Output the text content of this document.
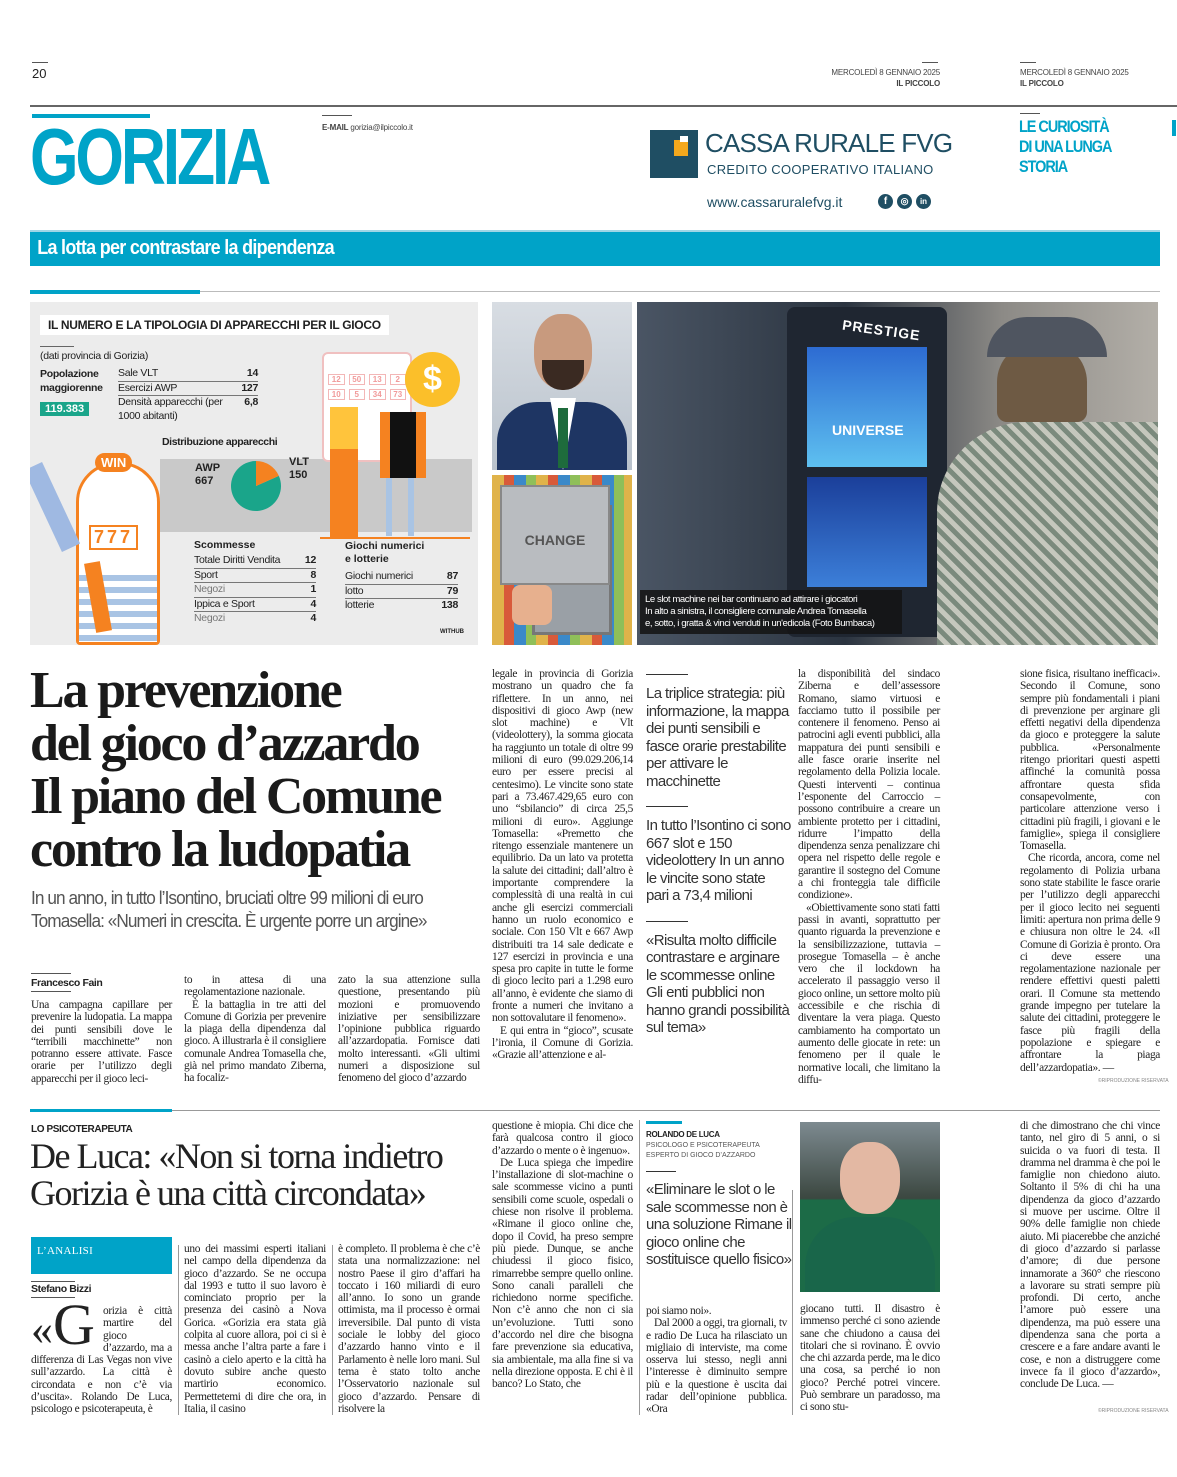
20	MERCOLEDÌ 8 GENNAIO 2025
IL PICCOLO
MERCOLEDÌ 8 GENNAIO 2025
IL PICCOLO
GORIZIA	E-MAIL gorizia@ilpiccolo.it
CASSA RURALE FVG
CREDITO COOPERATIVO ITALIANO
www.cassaruralefvg.it	f	◎	in
LE CURIOSITÀ
DI UNA LUNGA STORIA
La lotta per contrastare la dipendenza
IL NUMERO E LA TIPOLOGIA DI APPARECCHI PER IL GIOCO
(dati provincia di Gorizia)
Popolazione maggiorenne
119.383
Sale VLT	14
Esercizi AWP	127
Densità apparecchi (per 1000 abitanti)
6,8
Distribuzione apparecchi
AWP
667
VLT
150
WIN
777
12	50	13	2
10	5	34	73 $
Scommesse
Totale Diritti Vendita 12
Sport	8
Negozi	1
Ippica e Sport	4
Negozi	4
Giochi numerici e lotterie
Giochi numerici	87
lotto	79
lotterie	138
WITHUB
PRESTIGE
UNIVERSE
CHANGE
Le slot machine nei bar continuano ad attirare i giocatori
In alto a sinistra, il consigliere comunale Andrea Tomasella
e, sotto, i gratta & vinci venduti in un'edicola (Foto Bumbaca)
La prevenzione
del gioco d’azzardo
Il piano del Comune
contro la ludopatia
In un anno, in tutto l’Isontino, bruciati oltre 99 milioni di euro
Tomasella: «Numeri in crescita. È urgente porre un argine»
Francesco Fain

Una campagna capillare per prevenire la ludopatia. La mappa dei punti sensibili dove le “terribili macchinette” non potranno essere attivate. Fasce orarie per l’utilizzo degli apparecchi per il gioco leci-

to in attesa di una regolamentazione nazionale.

È la battaglia in tre atti del Comune di Gorizia per prevenire la piaga della dipendenza dal gioco. A illustrarla è il consigliere comunale Andrea Tomasella che, già nel primo mandato Ziberna, ha focaliz-

zato la sua attenzione sulla questione, presentando più mozioni e promuovendo iniziative per sensibilizzare l’opinione pubblica riguardo all’azzardopatia. Fornisce dati molto interessanti. «Gli ultimi numeri a disposizione sul fenomeno del gioco d’azzardo

legale in provincia di Gorizia mostrano un quadro che fa riflettere. In un anno, nei dispositivi di gioco Awp (new slot machine) e Vlt (videolottery), la somma giocata ha raggiunto un totale di oltre 99 milioni di euro (99.029.206,14 euro per essere precisi al centesimo). Le vincite sono state pari a 73.467.429,65 euro con uno “sbilancio” di circa 25,5 milioni di euro». Aggiunge Tomasella: «Premetto che ritengo essenziale mantenere un equilibrio. Da un lato va protetta la salute dei cittadini; dall’altro è importante comprendere la complessità di una realtà in cui anche gli esercizi commerciali hanno un ruolo economico e sociale. Con 150 Vlt e 667 Awp distribuiti tra 14 sale dedicate e 127 esercizi in provincia e una spesa pro capite in tutte le forme di gioco lecito pari a 1.298 euro all’anno, è evidente che siamo di fronte a numeri che invitano a non sottovalutare il fenomeno».

E qui entra in “gioco”, scusate l’ironia, il Comune di Gorizia. «Grazie all’attenzione e al-

La triplice strategia: più informazione, la mappa dei punti sensibili e fasce orarie prestabilite per attivare le macchinette
In tutto l’Isontino ci sono 667 slot e 150 videolottery In un anno le vincite sono state pari a 73,4 milioni
«Risulta molto difficile contrastare e arginare le scommesse online Gli enti pubblici non hanno grandi possibilità sul tema»

la disponibilità del sindaco Ziberna e dell’assessore Romano, siamo virtuosi e facciamo tutto il possibile per contenere il fenomeno. Penso ai patrocini agli eventi pubblici, alla mappatura dei punti sensibili e alle fasce orarie inserite nel regolamento della Polizia locale. Questi interventi – continua l’esponente del Carroccio – possono contribuire a creare un ambiente protetto per i cittadini, ridurre l’impatto della dipendenza senza penalizzare chi opera nel rispetto delle regole e garantire il sostegno del Comune a chi fronteggia tale difficile condizione».

«Obiettivamente sono stati fatti passi in avanti, soprattutto per quanto riguarda la prevenzione e la sensibilizzazione, tuttavia – prosegue Tomasella – è anche vero che il lockdown ha accelerato il passaggio verso il gioco online, un settore molto più accessibile e che rischia di diventare la vera piaga. Questo cambiamento ha comportato un aumento delle giocate in rete: un fenomeno per il quale le normative locali, che limitano la diffu-

sione fisica, risultano inefficaci». Secondo il Comune, sono sempre più fondamentali i piani di prevenzione per arginare gli effetti negativi della dipendenza da gioco e proteggere la salute pubblica. «Personalmente ritengo prioritari questi aspetti affinché la comunità possa affrontare questa sfida consapevolmente, con particolare attenzione verso i cittadini più fragili, i giovani e le famiglie», spiega il consigliere Tomasella.

Che ricorda, ancora, come nel regolamento di Polizia urbana sono state stabilite le fasce orarie per l’utilizzo degli apparecchi per il gioco lecito nei seguenti limiti: apertura non prima delle 9 e chiusura non oltre le 24. «Il Comune di Gorizia è pronto. Ora ci deve essere una regolamentazione nazionale per rendere effettivi questi paletti orari. Il Comune sta mettendo grande impegno per tutelare la salute dei cittadini, proteggere le fasce più fragili della popolazione e spiegare e affrontare la piaga dell’azzardopatia». —

©RIPRODUZIONE RISERVATA
LO PSICOTERAPEUTA
De Luca: «Non si torna indietro
Gorizia è una città circondata»
L’ANALISI
Stefano Bizzi
«G orizia è città martire del gioco d’azzardo, ma a differenza di Las Vegas non vive sull’azzardo. La città è circondata e non c’è via d’uscita». Rolando De Luca, psicologo e psicoterapeuta, è

uno dei massimi esperti italiani nel campo della dipendenza da gioco d’azzardo. Se ne occupa dal 1993 e tutto il suo lavoro è cominciato proprio per la presenza dei casinò a Nova Gorica. «Gorizia era stata già colpita al cuore allora, poi ci si è messa anche l’altra parte a fare i casinò a cielo aperto e la città ha dovuto subire anche questo martirio economico. Permettetemi di dire che ora, in Italia, il casino

è completo. Il problema è che c’è stata una normalizzazione: nel nostro Paese il giro d’affari ha toccato i 160 miliardi di euro all’anno. Io sono un grande ottimista, ma il processo è ormai irreversibile. Dal punto di vista sociale le lobby del gioco d’azzardo hanno vinto e il Parlamento è nelle loro mani. Sul tema è stato tolto anche l’Osservatorio nazionale sul gioco d’azzardo. Pensare di risolvere la

questione è miopia. Chi dice che farà qualcosa contro il gioco d’azzardo o mente o è ingenuo».

De Luca spiega che impedire l’installazione di slot-machine o sale scommesse vicino a punti sensibili come scuole, ospedali o chiese non risolve il problema. «Rimane il gioco online che, dopo il Covid, ha preso sempre più piede. Dunque, se anche chiudessi il gioco fisico, rimarrebbe sempre quello online. Sono canali paralleli che richiedono norme specifiche. Non c’è anno che non ci sia un’evoluzione. Tutti sono d’accordo nel dire che bisogna fare prevenzione sia educativa, sia ambientale, ma alla fine si va nella direzione opposta. E chi è il banco? Lo Stato, che

ROLANDO DE LUCA
PSICOLOGO E PSICOTERAPEUTA
ESPERTO DI GIOCO D’AZZARDO
«Eliminare le slot o le sale scommesse non è una soluzione Rimane il gioco online che sostituisce quello fisico»

poi siamo noi».

Dal 2000 a oggi, tra giornali, tv e radio De Luca ha rilasciato un migliaio di interviste, ma come osserva lui stesso, negli anni l’interesse è diminuito sempre più e la questione è uscita dai radar dell’opinione pubblica. «Ora

giocano tutti. Il disastro è immenso perché ci sono aziende sane che chiudono a causa dei titolari che si rovinano. È ovvio che chi azzarda perde, ma le dico una cosa, sa perché io non gioco? Perché potrei vincere. Può sembrare un paradosso, ma ci sono stu-

di che dimostrano che chi vince tanto, nel giro di 5 anni, o si suicida o va fuori di testa. Il dramma nel dramma è che poi le famiglie non chiedono aiuto. Soltanto il 5% di chi ha una dipendenza da gioco d’azzardo si muove per uscirne. Oltre il 90% delle famiglie non chiede aiuto. Mi piacerebbe che anziché di gioco d’azzardo si parlasse d’amore; di due persone innamorate a 360° che riescono a lavorare su strati sempre più profondi. Di certo, anche l’amore può essere una dipendenza, ma può essere una dipendenza sana che porta a crescere e a fare andare avanti le cose, e non a distruggere come invece fa il gioco d’azzardo», conclude De Luca. —

©RIPRODUZIONE RISERVATA
